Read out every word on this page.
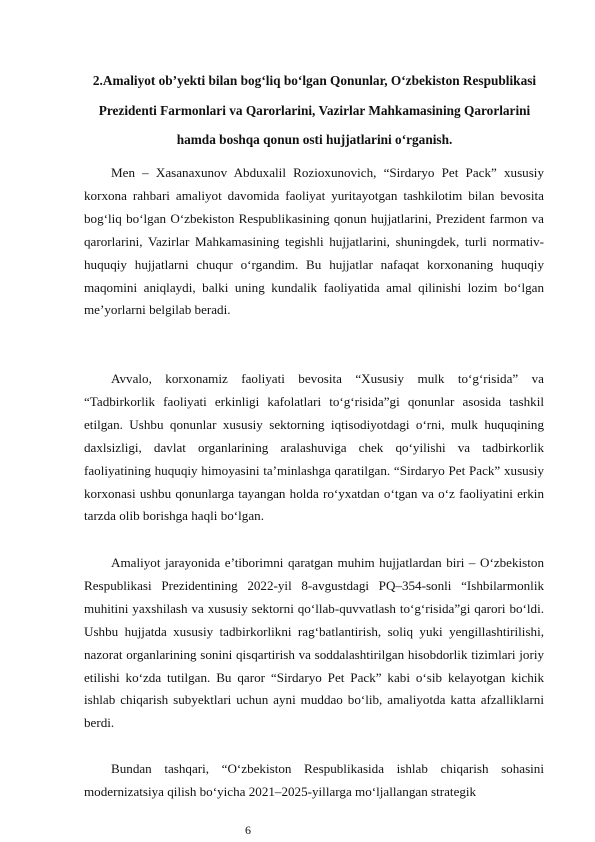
2.Amaliyot ob’yekti bilan bog‘liq bo‘lgan Qonunlar, O‘zbekiston Respublikasi Prezidenti Farmonlari va Qarorlarini, Vazirlar Mahkamasining Qarorlarini hamda boshqa qonun osti hujjatlarini o‘rganish.

Men – Xasanaxunov Abduxalil Rozioxunovich, “Sirdaryo Pet Pack” xususiy korxona rahbari amaliyot davomida faoliyat yuritayotgan tashkilotim bilan bevosita bog‘liq bo‘lgan O‘zbekiston Respublikasining qonun hujjatlarini, Prezident farmon va qarorlarini, Vazirlar Mahkamasining tegishli hujjatlarini, shuningdek, turli normativ-huquqiy hujjatlarni chuqur o‘rgandim. Bu hujjatlar nafaqat korxonaning huquqiy maqomini aniqlaydi, balki uning kundalik faoliyatida amal qilinishi lozim bo‘lgan me’yorlarni belgilab beradi.

Avvalo, korxonamiz faoliyati bevosita “Xususiy mulk to‘g‘risida” va “Tadbirkorlik faoliyati erkinligi kafolatlari to‘g‘risida”gi qonunlar asosida tashkil etilgan. Ushbu qonunlar xususiy sektorning iqtisodiyotdagi o‘rni, mulk huquqining daxlsizligi, davlat organlarining aralashuviga chek qo‘yilishi va tadbirkorlik faoliyatining huquqiy himoyasini ta’minlashga qaratilgan. “Sirdaryo Pet Pack” xususiy korxonasi ushbu qonunlarga tayangan holda ro‘yxatdan o‘tgan va o‘z faoliyatini erkin tarzda olib borishga haqli bo‘lgan.

Amaliyot jarayonida e’tiborimni qaratgan muhim hujjatlardan biri – O‘zbekiston Respublikasi Prezidentining 2022-yil 8-avgustdagi PQ–354-sonli “Ishbilarmonlik muhitini yaxshilash va xususiy sektorni qo‘llab-quvvatlash to‘g‘risida”gi qarori bo‘ldi. Ushbu hujjatda xususiy tadbirkorlikni rag‘batlantirish, soliq yuki yengillashtirilishi, nazorat organlarining sonini qisqartirish va soddalashtirilgan hisobdorlik tizimlari joriy etilishi ko‘zda tutilgan. Bu qaror “Sirdaryo Pet Pack” kabi o‘sib kelayotgan kichik ishlab chiqarish subyektlari uchun ayni muddao bo‘lib, amaliyotda katta afzalliklarni berdi.

Bundan tashqari, “O‘zbekiston Respublikasida ishlab chiqarish sohasini modernizatsiya qilish bo‘yicha 2021–2025-yillarga mo‘ljallangan strategik

6
